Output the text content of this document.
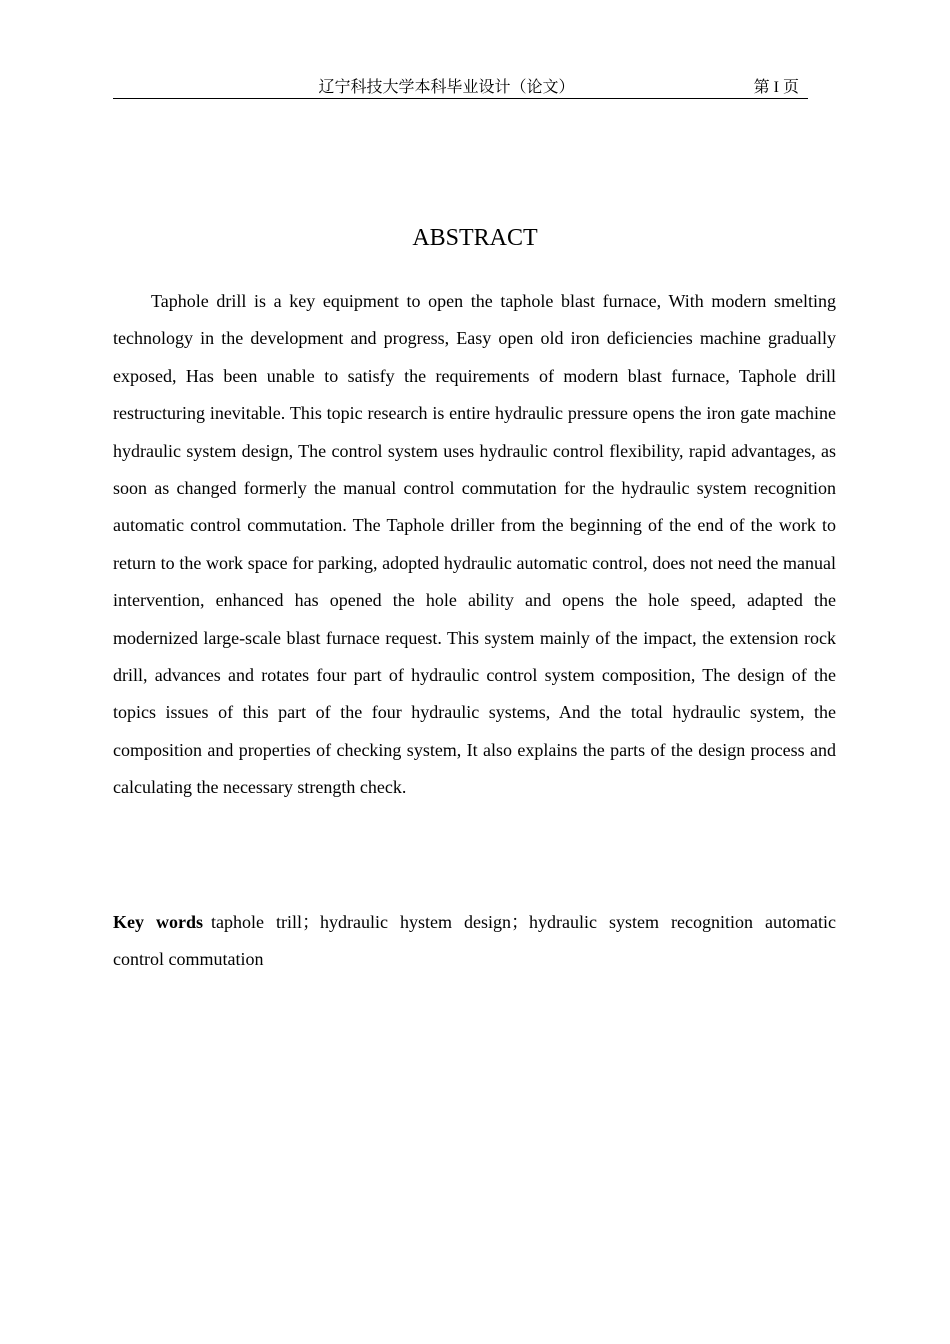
辽宁科技大学本科毕业设计（论文）	第 I 页
ABSTRACT

Taphole drill is a key equipment to open the taphole blast furnace, With modern smelting technology in the development and progress, Easy open old iron deficiencies machine gradually exposed, Has been unable to satisfy the requirements of modern blast furnace, Taphole drill restructuring inevitable. This topic research is entire hydraulic pressure opens the iron gate machine hydraulic system design, The control system uses hydraulic control flexibility, rapid advantages, as soon as changed formerly the manual control commutation for the hydraulic system recognition automatic control commutation. The Taphole driller from the beginning of the end of the work to return to the work space for parking, adopted hydraulic automatic control, does not need the manual intervention, enhanced has opened the hole ability and opens the hole speed, adapted the modernized large-scale blast furnace request. This system mainly of the impact, the extension rock drill, advances and rotates four part of hydraulic control system composition, The design of the topics issues of this part of the four hydraulic systems, And the total hydraulic system, the composition and properties of checking system, It also explains the parts of the design process and calculating the necessary strength check.

Key words taphole trill；hydraulic hystem design；hydraulic system recognition automatic control commutation
